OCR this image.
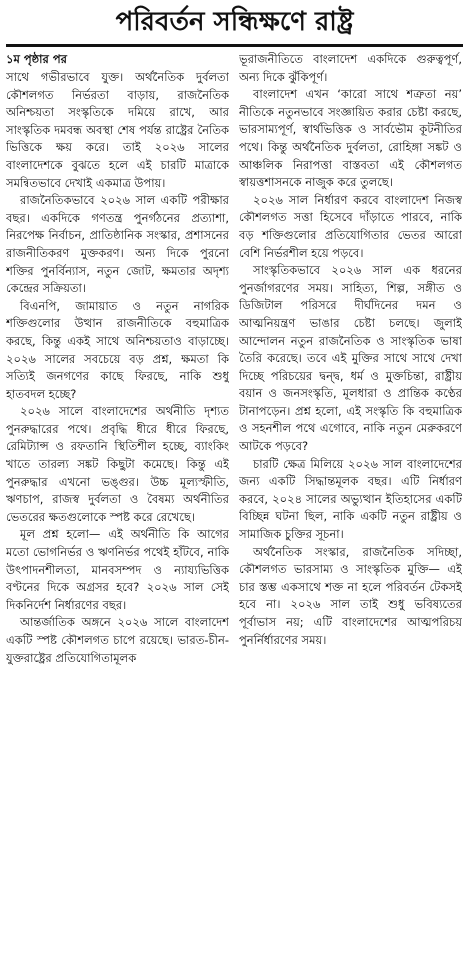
পরিবর্তন সন্ধিক্ষণে রাষ্ট্র
১ম পৃষ্ঠার পর

সাথে গভীরভাবে যুক্ত। অর্থনৈতিক দুর্বলতা কৌশলগত নির্ভরতা বাড়ায়, রাজনৈতিক অনিশ্চয়তা সংস্কৃতিকে দমিয়ে রাখে, আর সাংস্কৃতিক দমবন্ধ অবস্থা শেষ পর্যন্ত রাষ্ট্রের নৈতিক ভিত্তিকে ক্ষয় করে। তাই ২০২৬ সালের বাংলাদেশকে বুঝতে হলে এই চারটি মাত্রাকে সমন্বিতভাবে দেখাই একমাত্র উপায়।

রাজনৈতিকভাবে ২০২৬ সাল একটি পরীক্ষার বছর। একদিকে গণতন্ত্র পুনর্গঠনের প্রত্যাশা, নিরপেক্ষ নির্বাচন, প্রাতিষ্ঠানিক সংস্কার, প্রশাসনের রাজনীতিকরণ মুক্তকরণ। অন্য দিকে পুরনো শক্তির পুনর্বিন্যাস, নতুন জোট, ক্ষমতার অদৃশ্য কেন্দ্রের সক্রিয়তা।

বিএনপি, জামায়াত ও নতুন নাগরিক শক্তিগুলোর উত্থান রাজনীতিকে বহুমাত্রিক করছে, কিন্তু একই সাথে অনিশ্চয়তাও বাড়াচ্ছে। ২০২৬ সালের সবচেয়ে বড় প্রশ্ন, ক্ষমতা কি সত্যিই জনগণের কাছে ফিরছে, নাকি শুধু হাতবদল হচ্ছে?

২০২৬ সালে বাংলাদেশের অর্থনীতি দৃশ্যত পুনরুদ্ধারের পথে। প্রবৃদ্ধি ধীরে ধীরে ফিরছে, রেমিট্যান্স ও রফতানি স্থিতিশীল হচ্ছে, ব্যাংকিং খাতে তারল্য সঙ্কট কিছুটা কমেছে। কিন্তু এই পুনরুদ্ধার এখনো ভঙ্গুর। উচ্চ মূল্যস্ফীতি, ঋণচাপ, রাজস্ব দুর্বলতা ও বৈষম্য অর্থনীতির ভেতরের ক্ষতগুলোকে স্পষ্ট করে রেখেছে।

মূল প্রশ্ন হলো— এই অর্থনীতি কি আগের মতো ভোগনির্ভর ও ঋণনির্ভর পথেই হাঁটবে, নাকি উৎপাদনশীলতা, মানবসম্পদ ও ন্যায্যভিত্তিক বণ্টনের দিকে অগ্রসর হবে? ২০২৬ সাল সেই দিকনির্দেশ নির্ধারণের বছর।

আন্তর্জাতিক অঙ্গনে ২০২৬ সালে বাংলাদেশ একটি স্পষ্ট কৌশলগত চাপে রয়েছে। ভারত-চীন-যুক্তরাষ্ট্রের প্রতিযোগিতামূলক

ভূরাজনীতিতে বাংলাদেশ একদিকে গুরুত্বপূর্ণ, অন্য দিকে ঝুঁকিপূর্ণ।

বাংলাদেশ এখন ‘কারো সাথে শত্রুতা নয়’ নীতিকে নতুনভাবে সংজ্ঞায়িত করার চেষ্টা করছে, ভারসাম্যপূর্ণ, স্বার্থভিত্তিক ও সার্বভৌম কূটনীতির পথে। কিন্তু অর্থনৈতিক দুর্বলতা, রোহিঙ্গা সঙ্কট ও আঞ্চলিক নিরাপত্তা বাস্তবতা এই কৌশলগত স্বায়ত্তশাসনকে নাজুক করে তুলছে।

২০২৬ সাল নির্ধারণ করবে বাংলাদেশ নিজস্ব কৌশলগত সত্তা হিসেবে দাঁড়াতে পারবে, নাকি বড় শক্তিগুলোর প্রতিযোগিতার ভেতর আরো বেশি নির্ভরশীল হয়ে পড়বে।

সাংস্কৃতিকভাবে ২০২৬ সাল এক ধরনের পুনর্জাগরণের সময়। সাহিত্য, শিল্প, সঙ্গীত ও ডিজিটাল পরিসরে দীর্ঘদিনের দমন ও আত্মনিয়ন্ত্রণ ভাঙার চেষ্টা চলছে। জুলাই আন্দোলন নতুন রাজনৈতিক ও সাংস্কৃতিক ভাষা তৈরি করেছে। তবে এই মুক্তির সাথে সাথে দেখা দিচ্ছে পরিচয়ের দ্বন্দ্ব, ধর্ম ও মুক্তচিন্তা, রাষ্ট্রীয় বয়ান ও জনসংস্কৃতি, মূলধারা ও প্রান্তিক কণ্ঠের টানাপড়েন। প্রশ্ন হলো, এই সংস্কৃতি কি বহুমাত্রিক ও সহনশীল পথে এগোবে, নাকি নতুন মেরুকরণে আটকে পড়বে?

চারটি ক্ষেত্র মিলিয়ে ২০২৬ সাল বাংলাদেশের জন্য একটি সিদ্ধান্তমূলক বছর। এটি নির্ধারণ করবে, ২০২৪ সালের অভ্যুত্থান ইতিহাসের একটি বিচ্ছিন্ন ঘটনা ছিল, নাকি একটি নতুন রাষ্ট্রীয় ও সামাজিক চুক্তির সূচনা।

অর্থনৈতিক সংস্কার, রাজনৈতিক সদিচ্ছা, কৌশলগত ভারসাম্য ও সাংস্কৃতিক মুক্তি— এই চার স্তম্ভ একসাথে শক্ত না হলে পরিবর্তন টেকসই হবে না। ২০২৬ সাল তাই শুধু ভবিষ্যতের পূর্বাভাস নয়; এটি বাংলাদেশের আত্মপরিচয় পুনর্নির্ধারণের সময়।
